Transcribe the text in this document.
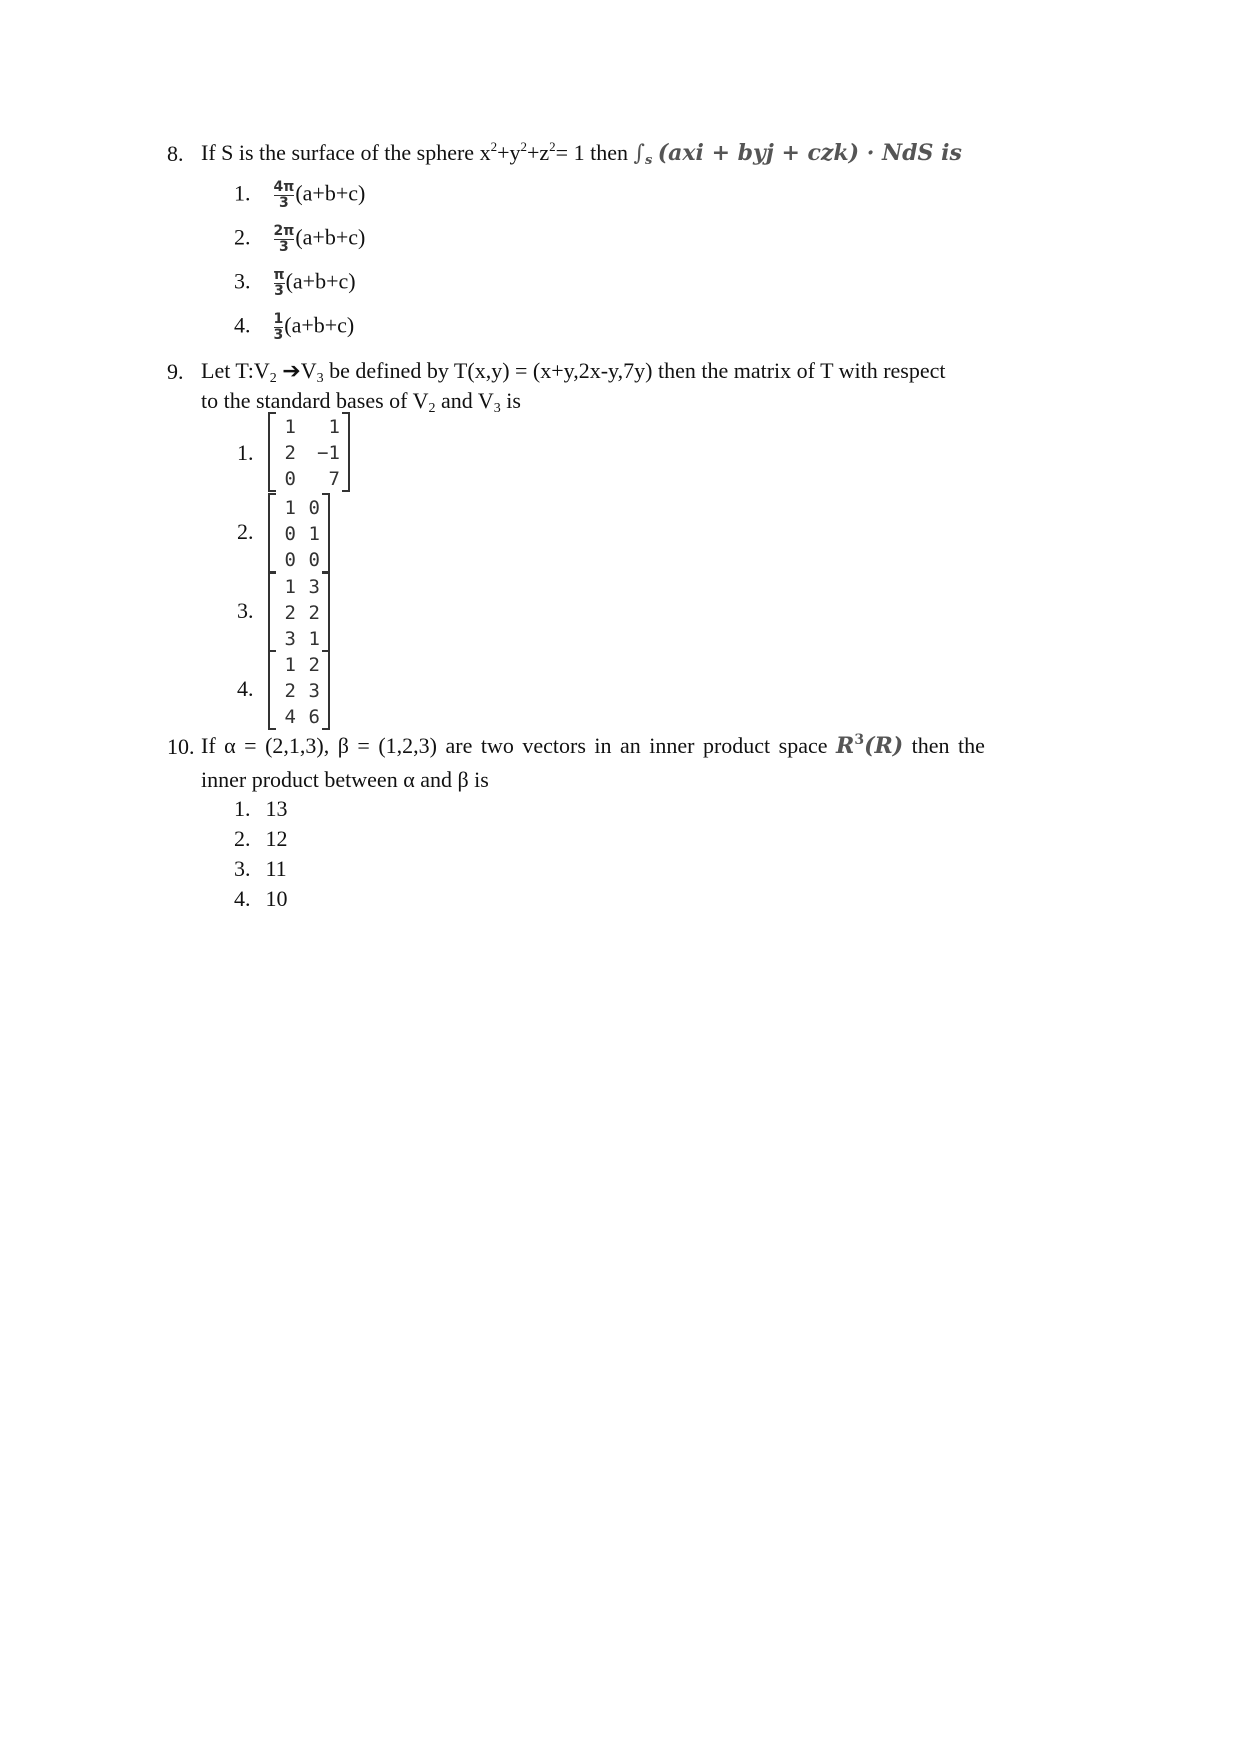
8. If S is the surface of the sphere $x^2+y^2+z^2= 1$ then $\int_s$ (axi + byj + czk) · NdS is
1. $\frac{4\pi}{3} (a+b+c)$
2. $\frac{2\pi}{3} (a+b+c)$
3. $\frac{\pi}{3} (a+b+c)$
4. $\frac{1}{3} (a+b+c)$
9. Let $T:V_2$ $➔V_3$ be defined by T(x,y) = (x+y,2x-y,7y) then the matrix of T with respect
to the standard bases of $V_2$ and $V_3$ is
1.
1	1
2	−1
0	7
2.
1 0
0 1
0 0
3.
1 3
2 2
3 1
4.
1 2
2 3
4 6
10. If α = (2,1,3), β = (1,2,3) are two vectors in an inner product space $R^3(R)$ then the
inner product between α and β is
1. 13
2. 12
3. 11
4. 10
